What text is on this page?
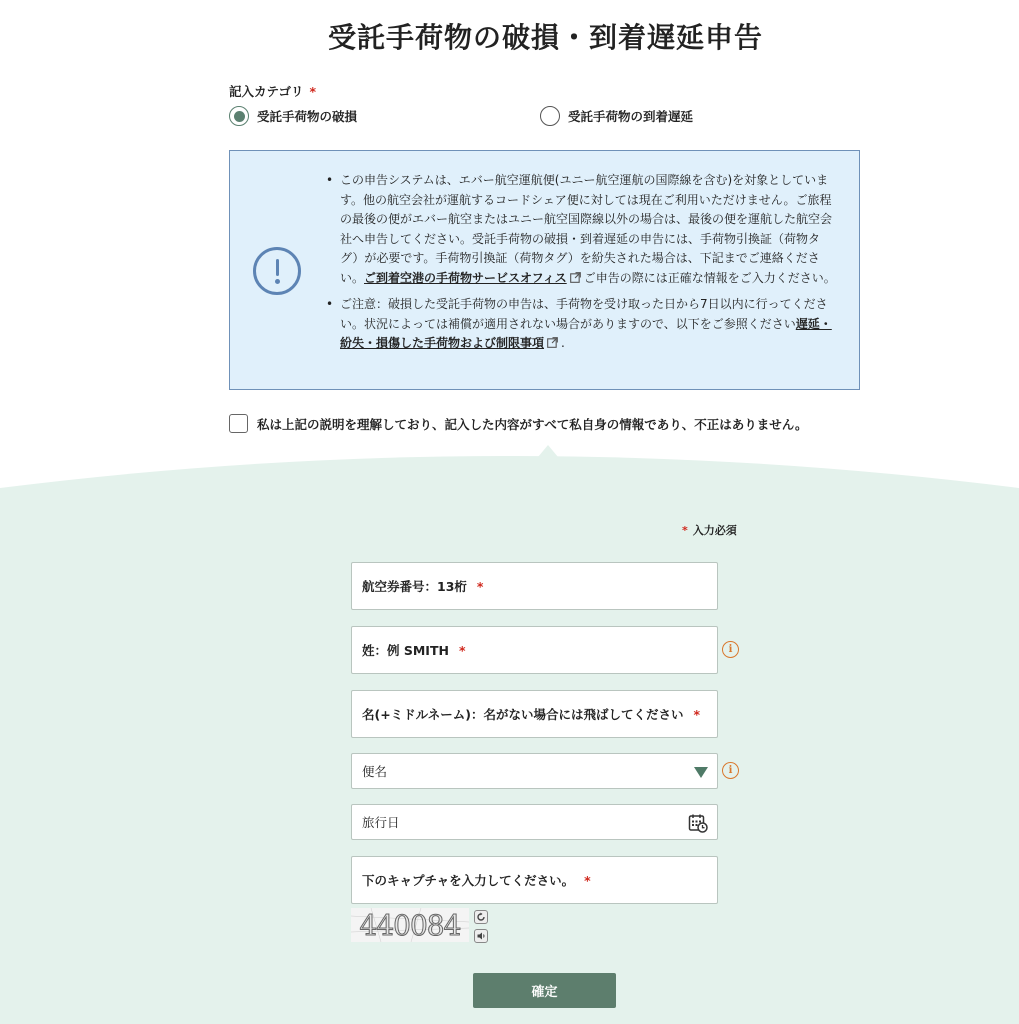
受託手荷物の破損・到着遅延申告
記入カテゴリ *
受託手荷物の破損	受託手荷物の到着遅延
• この申告システムは、エバー航空運航便(ユニー航空運航の国際線を含む)を対象としています。他の航空会社が運航するコードシェア便に対しては現在ご利用いただけません。ご旅程の最後の便がエバー航空またはユニー航空国際線以外の場合は、最後の便を運航した航空会社へ申告してください。受託手荷物の破損・到着遅延の申告には、手荷物引換証（荷物タグ）が必要です。手荷物引換証（荷物タグ）を紛失された場合は、下記までご連絡ください。ご到着空港の手荷物サービスオフィス ご申告の際には正確な情報をご入力ください。
• ご注意：破損した受託手荷物の申告は、手荷物を受け取った日から7日以内に行ってください。状況によっては補償が適用されない場合がありますので、以下をご参照ください遅延・紛失・損傷した手荷物および制限事項 .
私は上記の説明を理解しており、記入した内容がすべて私自身の情報であり、不正はありません。
* 入力必須
航空券番号：13桁 *
姓：例 SMITH *	i
名(+ミドルネーム)：名がない場合には飛ばしてください *
便名	i
旅行日
下のキャプチャを入力してください。 *
440084
確定
